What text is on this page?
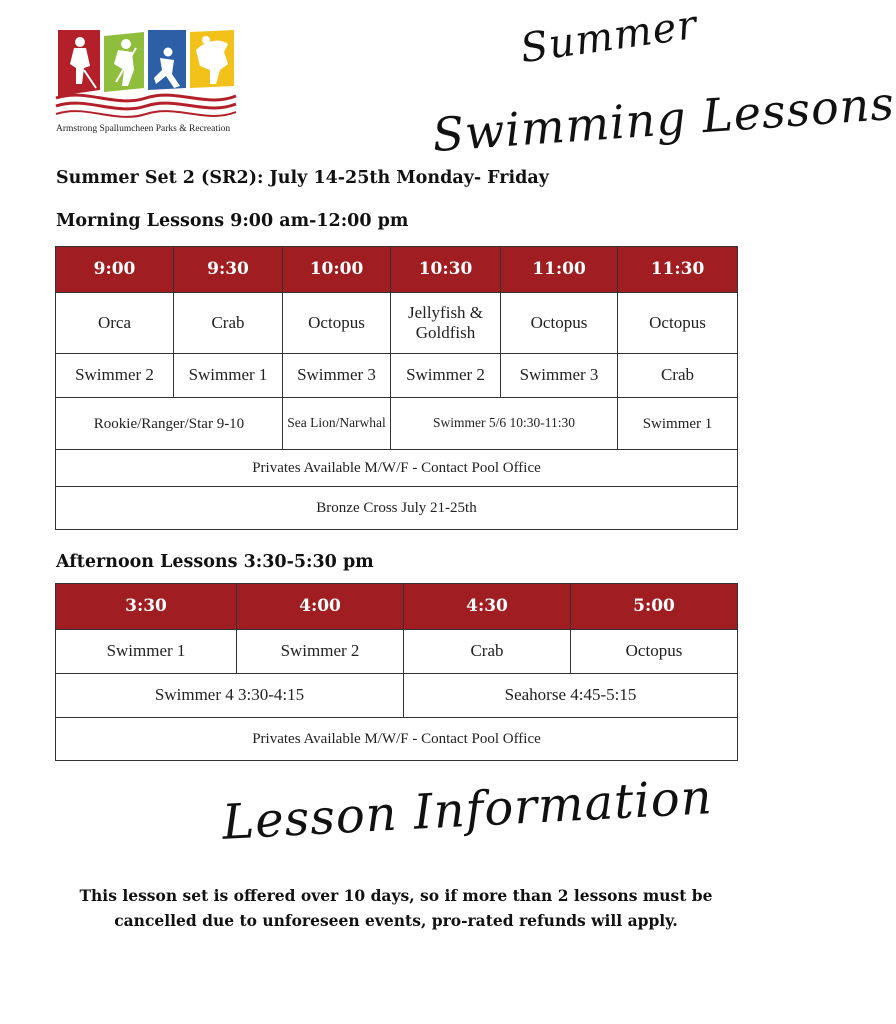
Armstrong Spallumcheen Parks & Recreation
Summer
Swimming Lessons
Summer Set 2 (SR2): July 14-25th Monday- Friday
Morning Lessons 9:00 am-12:00 pm
9:00	9:30	10:00	10:30	11:00	11:30
Orca	Crab	Octopus	Jellyfish & Goldfish	Octopus	Octopus
Swimmer 2	Swimmer 1	Swimmer 3	Swimmer 2	Swimmer 3	Crab
Rookie/Ranger/Star 9-10		Sea Lion/Narwhal	Swimmer 5/6 10:30-11:30		Swimmer 1
Privates Available M/W/F - Contact Pool Office					
Bronze Cross July 21-25th					
Afternoon Lessons 3:30-5:30 pm
3:30	4:00	4:30	5:00
Swimmer 1	Swimmer 2	Crab	Octopus
Swimmer 4 3:30-4:15		Seahorse 4:45-5:15	
Privates Available M/W/F - Contact Pool Office			
Lesson Information
This lesson set is offered over 10 days, so if more than 2 lessons must be cancelled due to unforeseen events, pro-rated refunds will apply.
